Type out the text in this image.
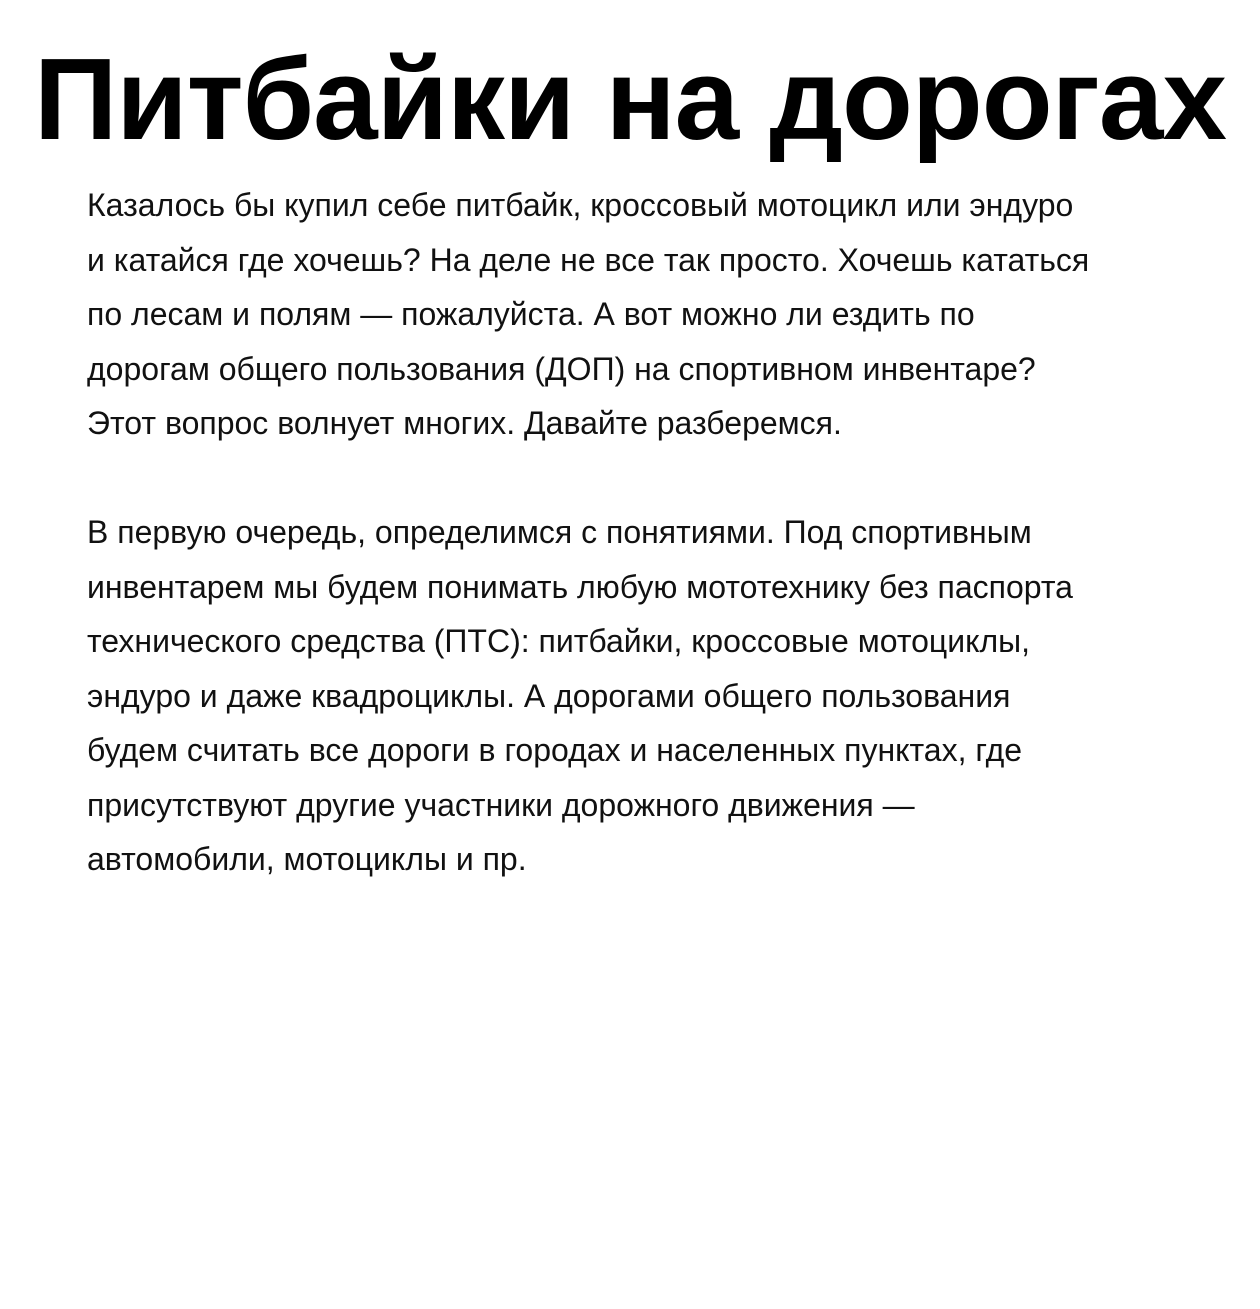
Питбайки на дорогах

Казалось бы купил себе питбайк, кроссовый мотоцикл или эндуро
и катайся где хочешь? На деле не все так просто. Хочешь кататься
по лесам и полям — пожалуйста. А вот можно ли ездить по
дорогам общего пользования (ДОП) на спортивном инвентаре?
Этот вопрос волнует многих. Давайте разберемся.

В первую очередь, определимся с понятиями. Под спортивным
инвентарем мы будем понимать любую мототехнику без паспорта
технического средства (ПТС): питбайки, кроссовые мотоциклы,
эндуро и даже квадроциклы. А дорогами общего пользования
будем считать все дороги в городах и населенных пунктах, где
присутствуют другие участники дорожного движения —
автомобили, мотоциклы и пр.
